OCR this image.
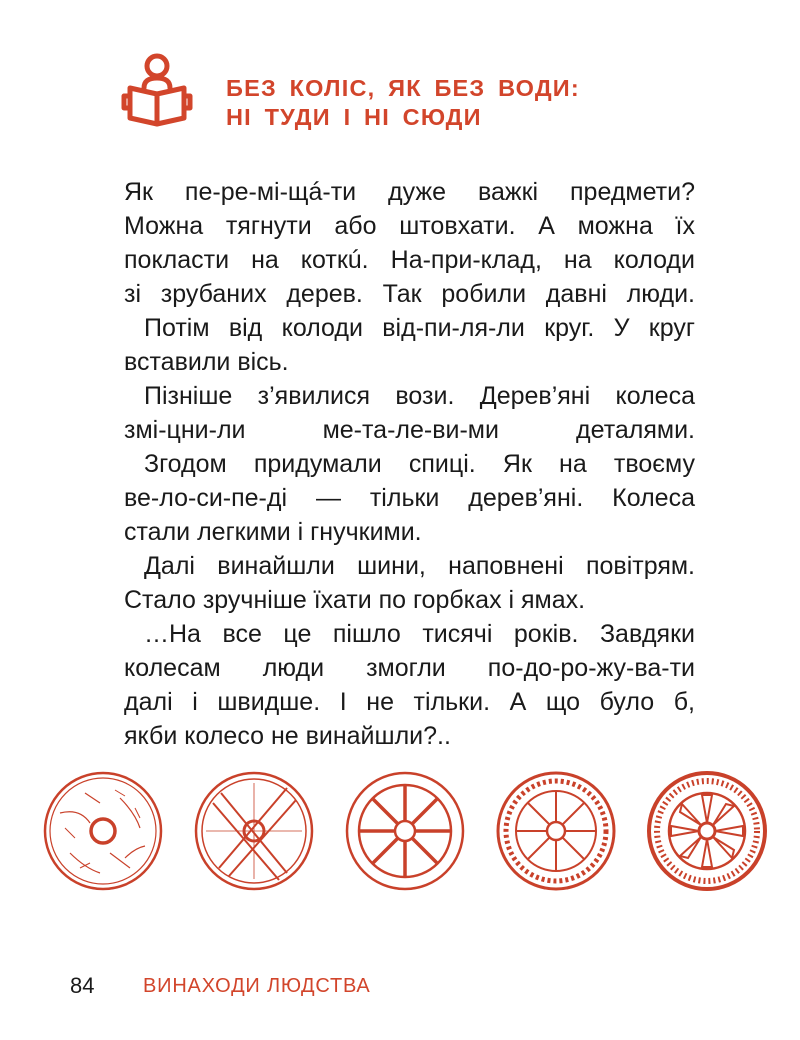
БЕЗ КОЛІС, ЯК БЕЗ ВОДИ:
НІ ТУДИ І НІ СЮДИ
Як пе-ре-мі-щá-ти дуже важкі предмети?
Можна тягнути або штовхати. А можна їх
покласти на коткú. На-при-клад, на колоди
зі зрубаних дерев. Так робили давні люди.
Потім від колоди від-пи-ля-ли круг. У круг
вставили вісь.
Пізніше з’явилися вози. Дерев’яні колеса
змі-цни-ли ме-та-ле-ви-ми деталями.
Згодом придумали спиці. Як на твоєму
ве-ло-си-пе-ді — тільки дерев’яні. Колеса
стали легкими і гнучкими.
Далі винайшли шини, наповнені повітрям.
Стало зручніше їхати по горбках і ямах.
…На все це пішло тисячі років. Завдяки
колесам люди змогли по-до-ро-жу-ва-ти
далі і швидше. І не тільки. А що було б,
якби колесо не винайшли?..
84 ВИНАХОДИ ЛЮДСТВА
